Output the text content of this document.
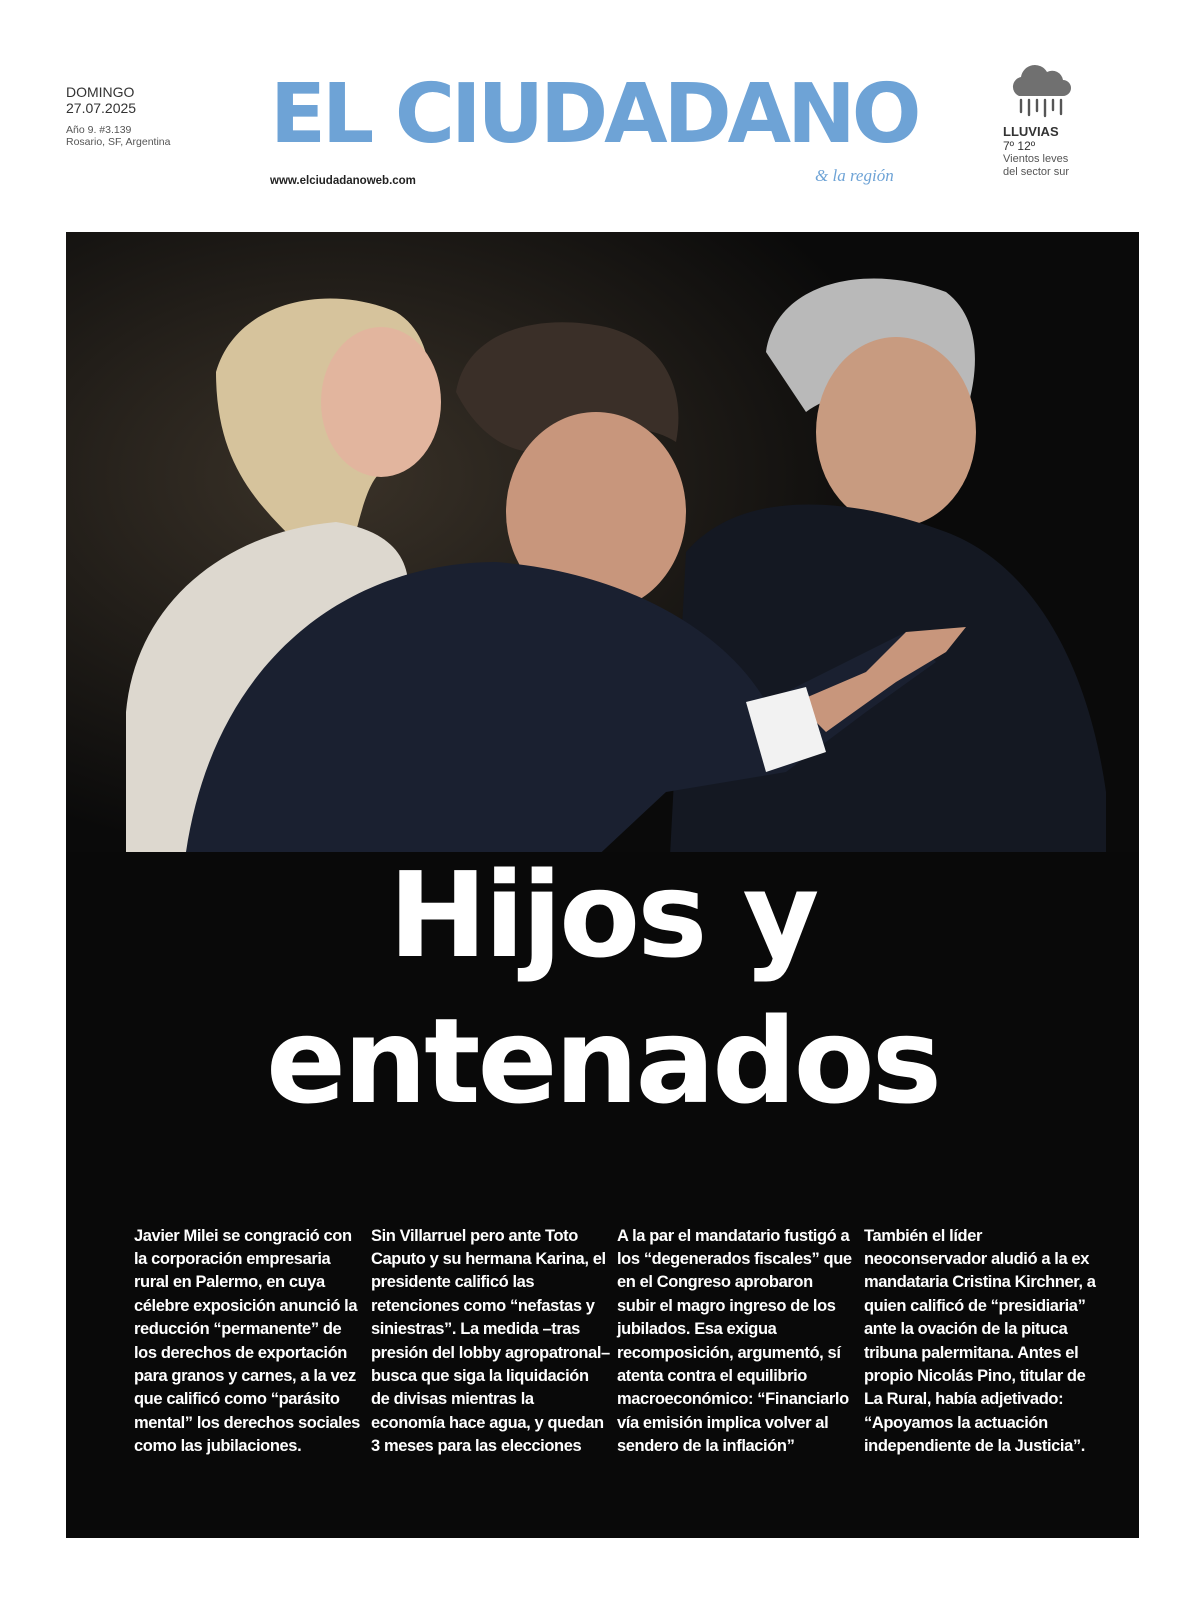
DOMINGO
27.07.2025
Año 9. #3.139
Rosario, SF, Argentina EL CIUDADANO
& la región
www.elciudadanoweb.com
LLUVIAS
7º 12º
Vientos leves
del sector sur
Hijos y
entenados

Javier Milei se congració con la corporación empresaria rural en Palermo, en cuya célebre exposición anunció la reducción “permanente” de los derechos de exportación para granos y carnes, a la vez que calificó como “parásito mental” los derechos sociales como las jubilaciones.

Sin Villarruel pero ante Toto Caputo y su hermana Karina, el presidente calificó las retenciones como “nefastas y siniestras”. La medida –tras presión del lobby agropatronal– busca que siga la liquidación de divisas mientras la economía hace agua, y quedan 3 meses para las elecciones

A la par el mandatario fustigó a los “degenerados fiscales” que en el Congreso aprobaron subir el magro ingreso de los jubilados. Esa exigua recomposición, argumentó, sí atenta contra el equilibrio macroeconómico: “Financiarlo vía emisión implica volver al sendero de la inflación”

También el líder neoconservador aludió a la ex mandataria Cristina Kirchner, a quien calificó de “presidiaria” ante la ovación de la pituca tribuna palermitana. Antes el propio Nicolás Pino, titular de La Rural, había adjetivado: “Apoyamos la actuación independiente de la Justicia”.
